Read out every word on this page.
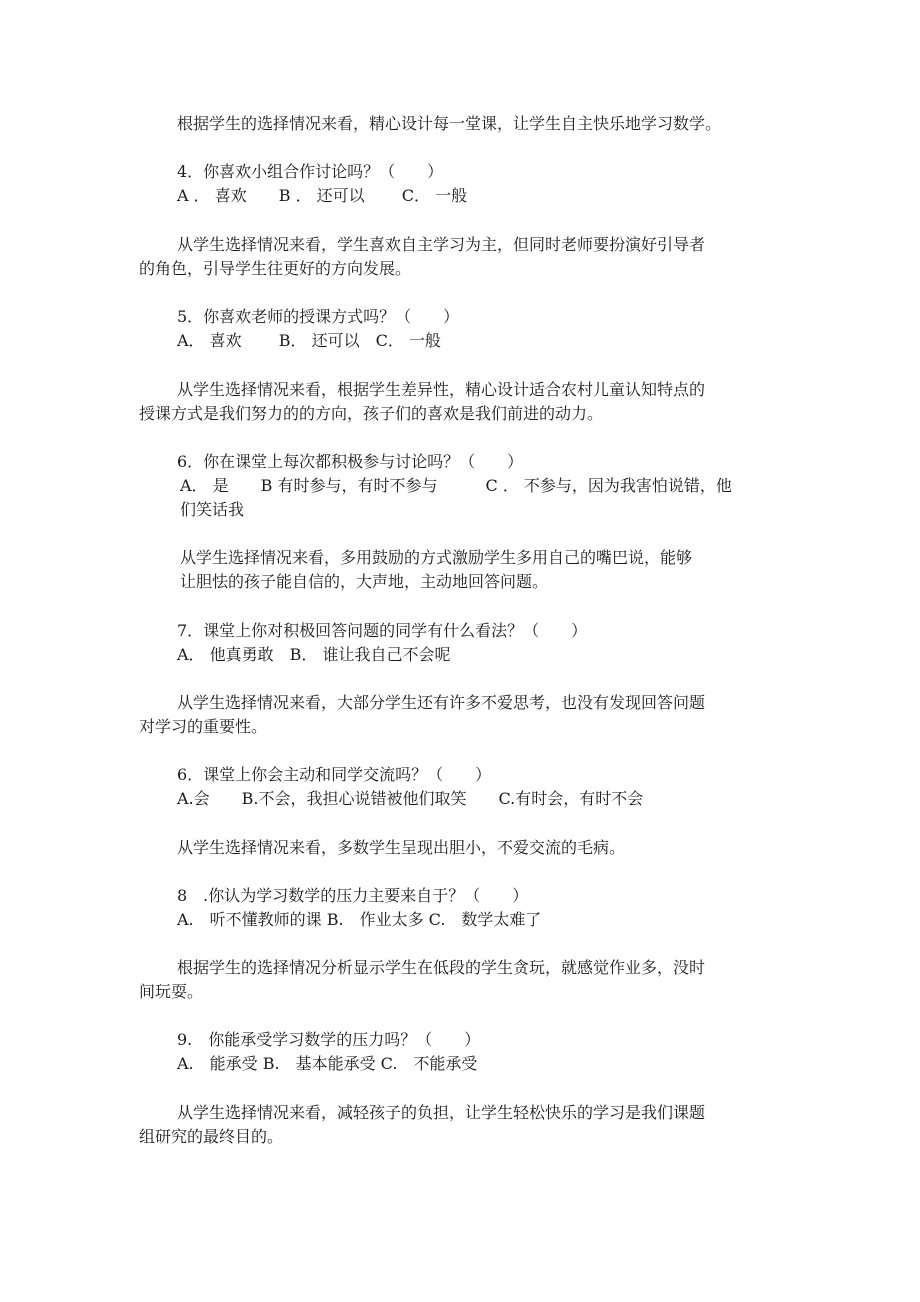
根据学生的选择情况来看，精心设计每一堂课，让学生自主快乐地学习数学。
4．你喜欢小组合作讨论吗？（　　）
A ． 喜欢　　B ． 还可以　　 C． 一般
从学生选择情况来看，学生喜欢自主学习为主，但同时老师要扮演好引导者
的角色，引导学生往更好的方向发展。
5．你喜欢老师的授课方式吗？（　　）
A． 喜欢　　 B． 还可以　C． 一般
从学生选择情况来看，根据学生差异性，精心设计适合农村儿童认知特点的
授课方式是我们努力的的方向，孩子们的喜欢是我们前进的动力。
6．你在课堂上每次都积极参与讨论吗？（　　）
A． 是　　B 有时参与，有时不参与　　　C ． 不参与，因为我害怕说错，他
们笑话我
从学生选择情况来看，多用鼓励的方式激励学生多用自己的嘴巴说，能够
让胆怯的孩子能自信的，大声地，主动地回答问题。
7．课堂上你对积极回答问题的同学有什么看法？（　　）
A． 他真勇敢　B． 谁让我自己不会呢
从学生选择情况来看，大部分学生还有许多不爱思考，也没有发现回答问题
对学习的重要性。
6．课堂上你会主动和同学交流吗？（　　）
A.会　　B.不会，我担心说错被他们取笑　　C.有时会，有时不会
从学生选择情况来看，多数学生呈现出胆小，不爱交流的毛病。
8　.你认为学习数学的压力主要来自于？（　　）
A.　听不懂教师的课 B.　作业太多 C.　数学太难了
根据学生的选择情况分析显示学生在低段的学生贪玩，就感觉作业多，没时
间玩耍。
9.　你能承受学习数学的压力吗？（　　）
A.　能承受 B.　基本能承受 C.　不能承受
从学生选择情况来看，减轻孩子的负担，让学生轻松快乐的学习是我们课题
组研究的最终目的。
